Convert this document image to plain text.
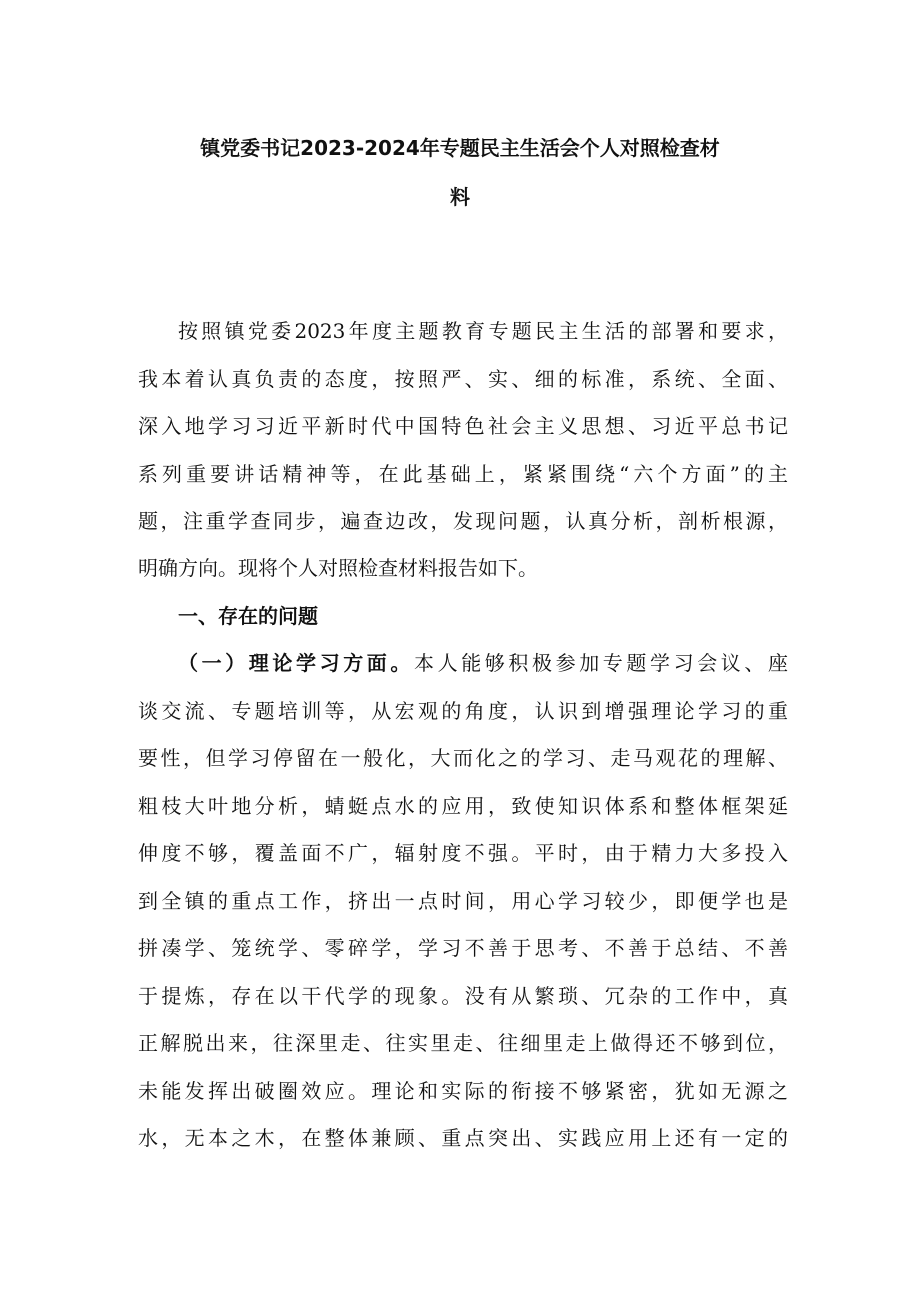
镇党委书记2023-2024年专题民主生活会个人对照检查材
料
按照镇党委2023年度主题教育专题民主生活的部署和要求，
我本着认真负责的态度，按照严、实、细的标准，系统、全面、
深入地学习习近平新时代中国特色社会主义思想、习近平总书记
系列重要讲话精神等，在此基础上，紧紧围绕“六个方面”的主
题，注重学查同步，遍查边改，发现问题，认真分析，剖析根源，
明确方向。现将个人对照检查材料报告如下。
一、存在的问题
（一）理论学习方面。本人能够积极参加专题学习会议、座
谈交流、专题培训等，从宏观的角度，认识到增强理论学习的重
要性，但学习停留在一般化，大而化之的学习、走马观花的理解、
粗枝大叶地分析，蜻蜓点水的应用，致使知识体系和整体框架延
伸度不够，覆盖面不广，辐射度不强。平时，由于精力大多投入
到全镇的重点工作，挤出一点时间，用心学习较少，即便学也是
拼凑学、笼统学、零碎学，学习不善于思考、不善于总结、不善
于提炼，存在以干代学的现象。没有从繁琐、冗杂的工作中，真
正解脱出来，往深里走、往实里走、往细里走上做得还不够到位，
未能发挥出破圈效应。理论和实际的衔接不够紧密，犹如无源之
水，无本之木，在整体兼顾、重点突出、实践应用上还有一定的
